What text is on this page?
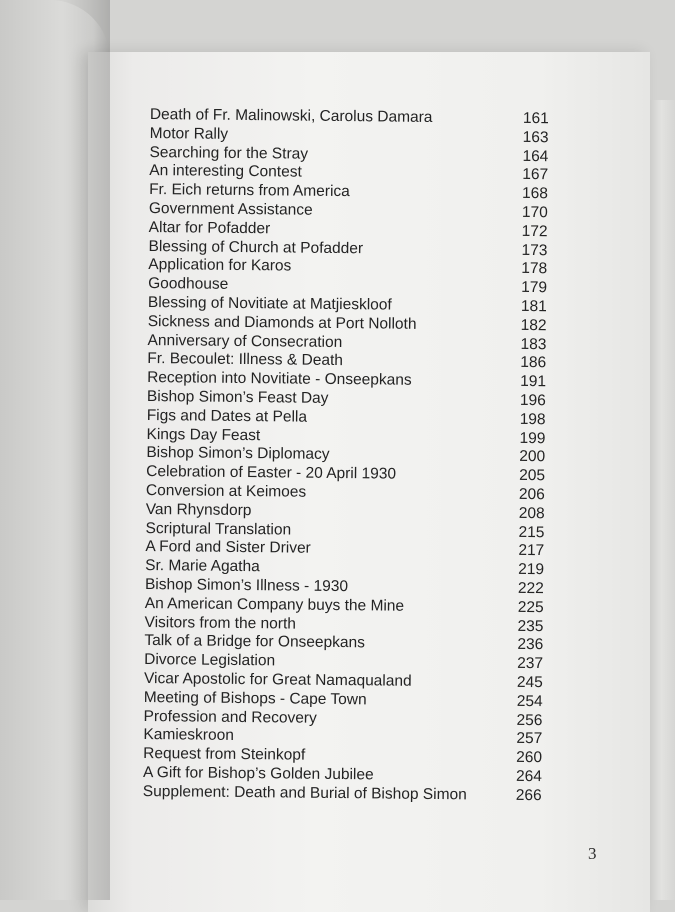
Death of Fr. Malinowski, Carolus Damara	161
Motor Rally	163
Searching for the Stray	164
An interesting Contest	167
Fr. Eich returns from America	168
Government Assistance	170
Altar for Pofadder	172
Blessing of Church at Pofadder	173
Application for Karos	178
Goodhouse	179
Blessing of Novitiate at Matjieskloof	181
Sickness and Diamonds at Port Nolloth	182
Anniversary of Consecration	183
Fr. Becoulet: Illness & Death	186
Reception into Novitiate - Onseepkans	191
Bishop Simon’s Feast Day	196
Figs and Dates at Pella	198
Kings Day Feast	199
Bishop Simon’s Diplomacy	200
Celebration of Easter - 20 April 1930	205
Conversion at Keimoes	206
Van Rhynsdorp	208
Scriptural Translation	215
A Ford and Sister Driver	217
Sr. Marie Agatha	219
Bishop Simon’s Illness - 1930	222
An American Company buys the Mine	225
Visitors from the north	235
Talk of a Bridge for Onseepkans	236
Divorce Legislation	237
Vicar Apostolic for Great Namaqualand	245
Meeting of Bishops - Cape Town	254
Profession and Recovery	256
Kamieskroon	257
Request from Steinkopf	260
A Gift for Bishop’s Golden Jubilee	264
Supplement: Death and Burial of Bishop Simon	266
3
